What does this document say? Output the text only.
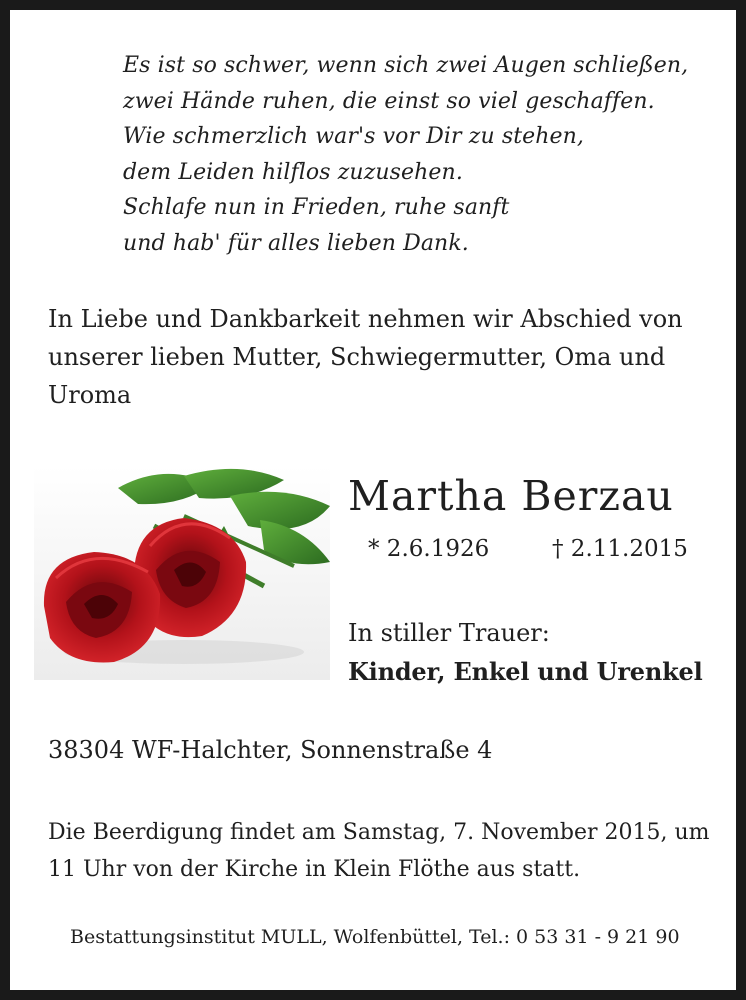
Es ist so schwer, wenn sich zwei Augen schließen,
zwei Hände ruhen, die einst so viel geschaffen.
Wie schmerzlich war's vor Dir zu stehen,
dem Leiden hilflos zuzusehen.
Schlafe nun in Frieden, ruhe sanft
und hab' für alles lieben Dank.
In Liebe und Dankbarkeit nehmen wir Abschied von unserer lieben Mutter, Schwiegermutter, Oma und Uroma
Martha Berzau
* 2.6.1926	† 2.11.2015
In stiller Trauer:
Kinder, Enkel und Urenkel
38304 WF-Halchter, Sonnenstraße 4
Die Beerdigung findet am Samstag, 7. November 2015, um 11 Uhr von der Kirche in Klein Flöthe aus statt.
Bestattungsinstitut MULL, Wolfenbüttel, Tel.: 0 53 31 - 9 21 90
